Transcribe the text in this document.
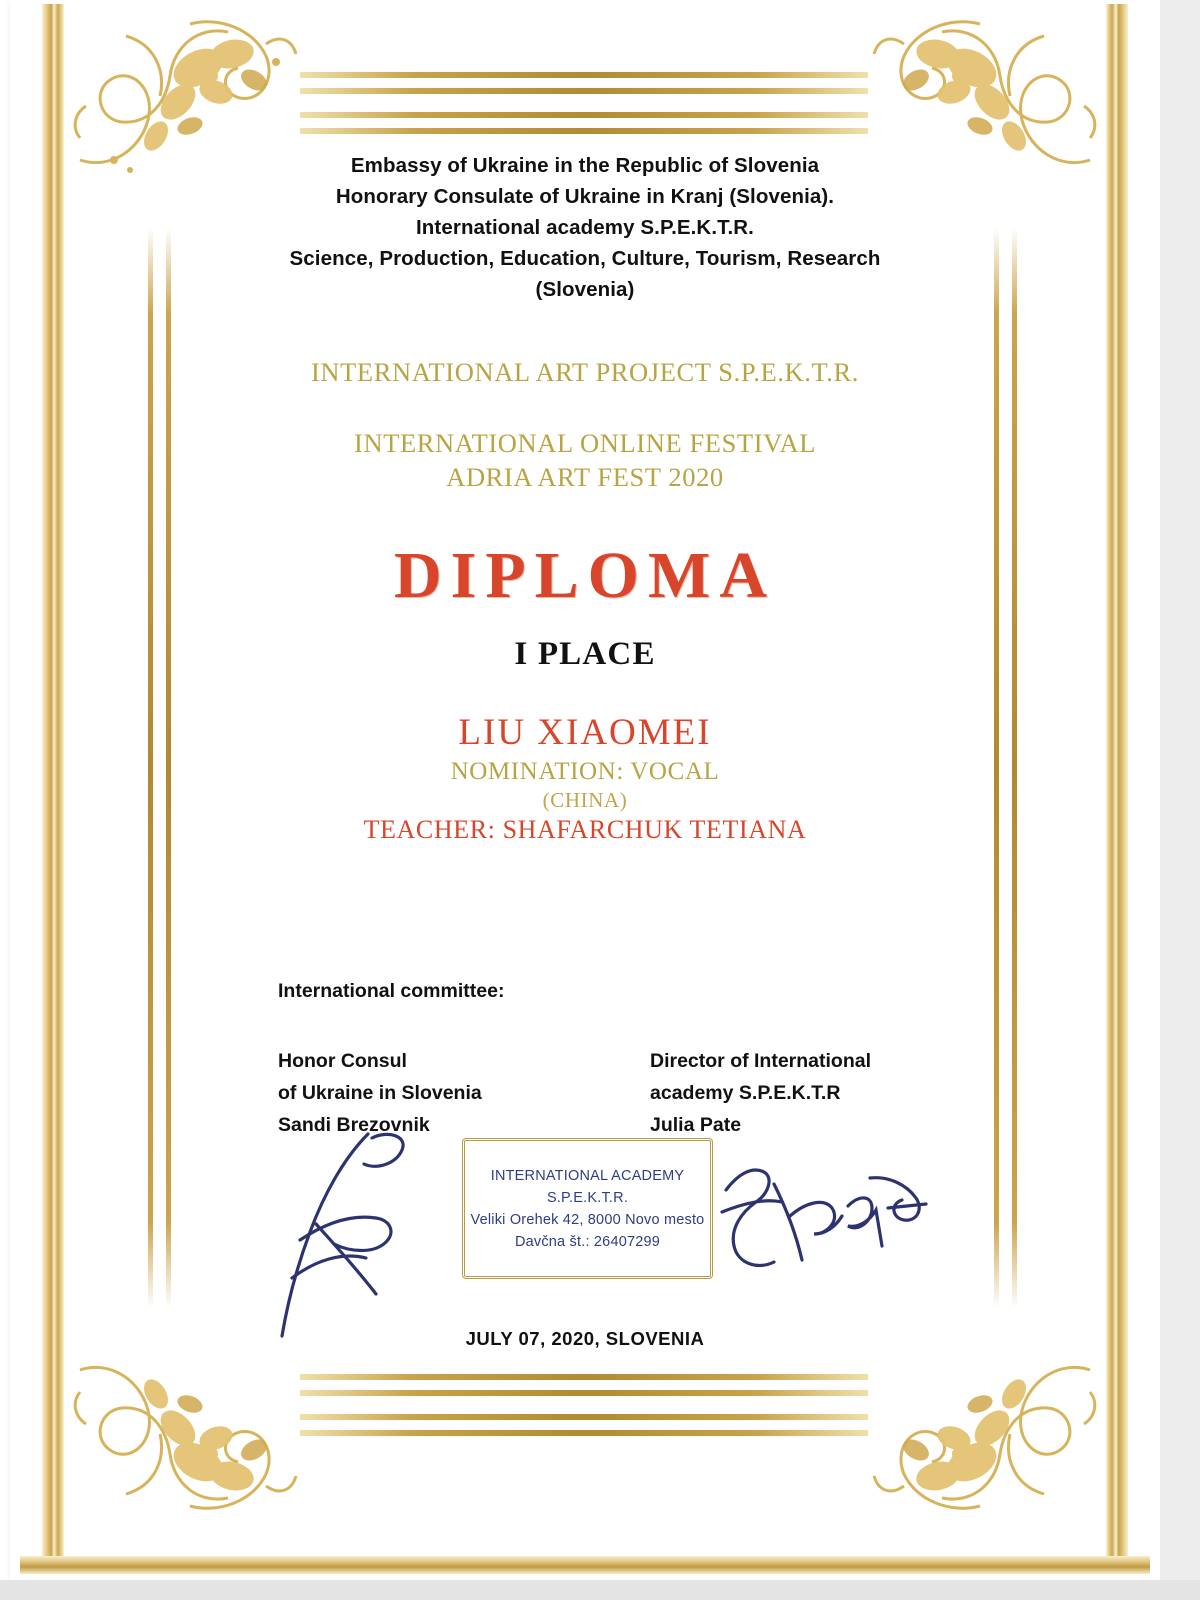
Embassy of Ukraine in the Republic of Slovenia
Honorary Consulate of Ukraine in Kranj (Slovenia).
International academy S.P.E.K.T.R.
Science, Production, Education, Culture, Tourism, Research
(Slovenia)
INTERNATIONAL ART PROJECT S.P.E.K.T.R.
INTERNATIONAL ONLINE FESTIVAL
ADRIA ART FEST 2020
DIPLOMA
I PLACE
LIU XIAOMEI
NOMINATION: VOCAL
(CHINA)
TEACHER: SHAFARCHUK TETIANA
International committee:
Honor Consul
of Ukraine in Slovenia
Sandi Brezovnik
Director of International
academy S.P.E.K.T.R
Julia Pate
INTERNATIONAL ACADEMY S.P.E.K.T.R.
Veliki Orehek 42, 8000 Novo mesto
Davčna št.: 26407299
JULY 07, 2020, SLOVENIA
